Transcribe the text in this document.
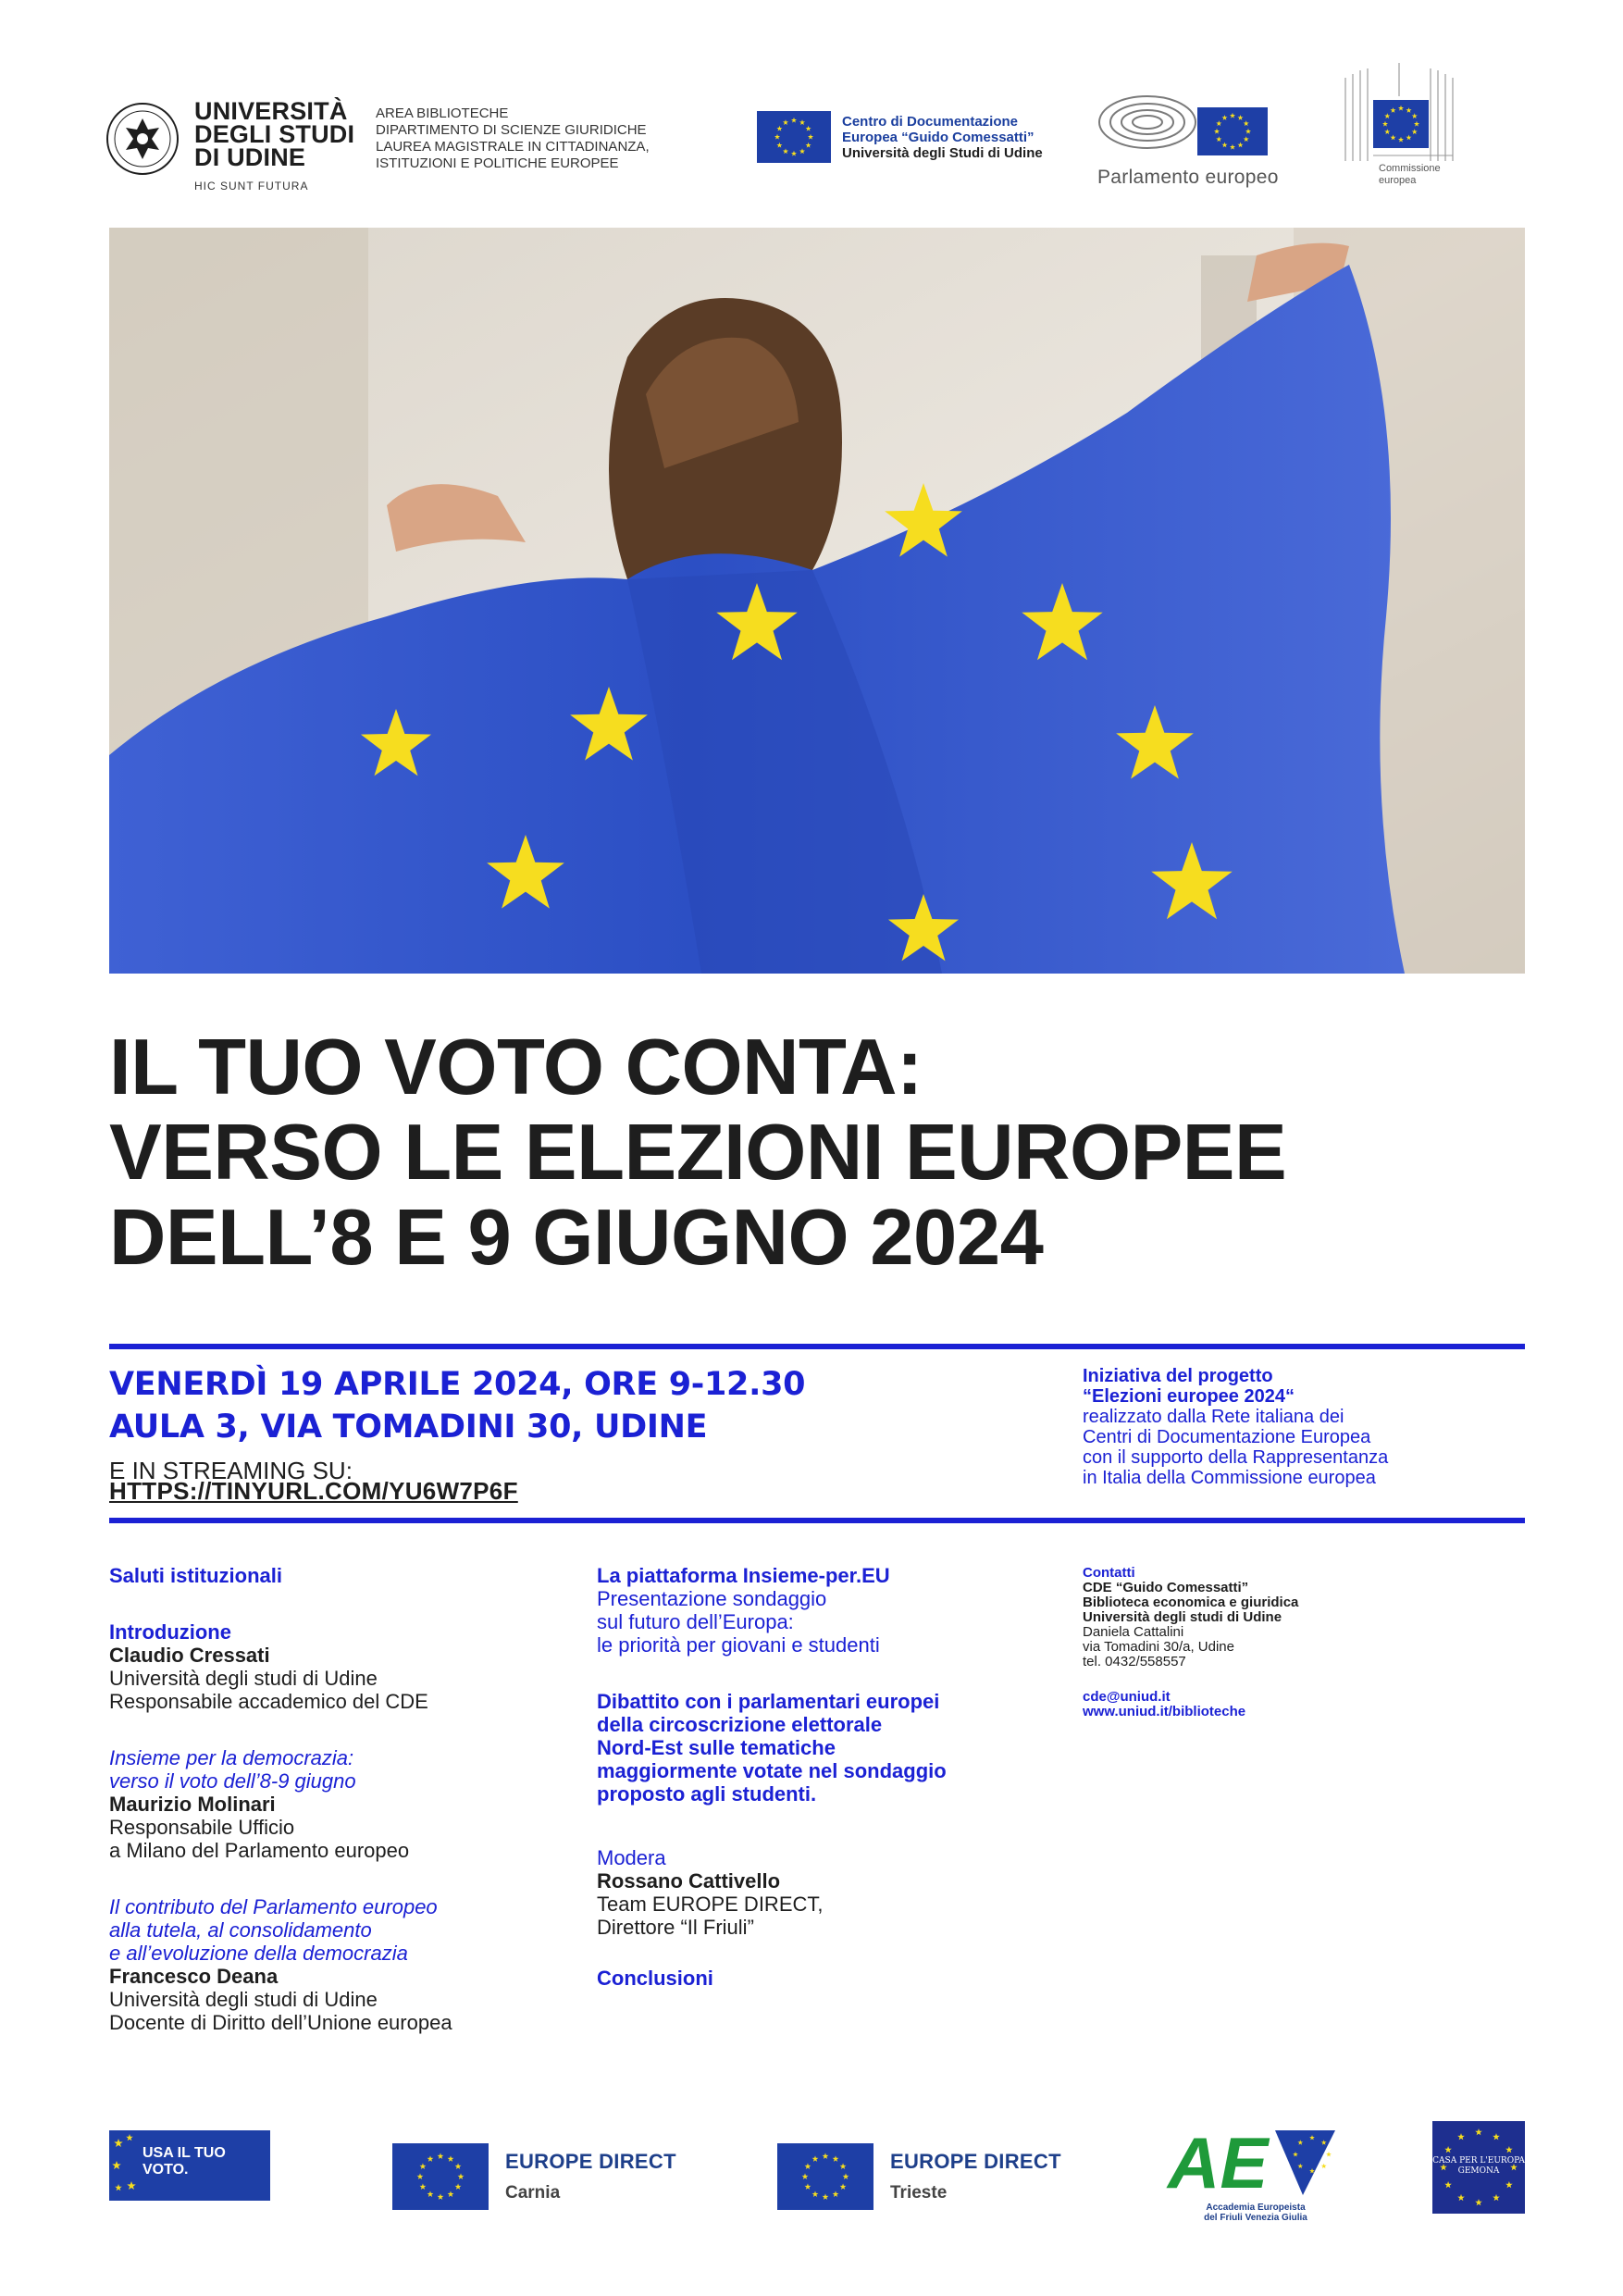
UNIVERSITÀ
DEGLI STUDI
DI UDINE
HIC SUNT FUTURA
AREA BIBLIOTECHE
DIPARTIMENTO DI SCIENZE GIURIDICHE
LAUREA MAGISTRALE IN CITTADINANZA,
ISTITUZIONI E POLITICHE EUROPEE
Centro di Documentazione
Europea “Guido Comessatti”
Università degli Studi di Udine
Parlamento europeo	Commissione
europea
IL TUO VOTO CONTA:
VERSO LE ELEZIONI EUROPEE
DELL’8 E 9 GIUGNO 2024
VENERDÌ 19 APRILE 2024, ORE 9-12.30
AULA 3, VIA TOMADINI 30, UDINE
E IN STREAMING SU:
HTTPS://TINYURL.COM/YU6W7P6F
Iniziativa del progetto
“Elezioni europee 2024“
realizzato dalla Rete italiana dei
Centri di Documentazione Europea
con il supporto della Rappresentanza
in Italia della Commissione europea
Saluti istituzionali
Introduzione
Claudio Cressati
Università degli studi di Udine
Responsabile accademico del CDE
Insieme per la democrazia:
verso il voto dell’8-9 giugno
Maurizio Molinari
Responsabile Ufficio
a Milano del Parlamento europeo
Il contributo del Parlamento europeo
alla tutela, al consolidamento
e all’evoluzione della democrazia
Francesco Deana
Università degli studi di Udine
Docente di Diritto dell’Unione europea
La piattaforma Insieme-per.EU
Presentazione sondaggio
sul futuro dell’Europa:
le priorità per giovani e studenti
Dibattito con i parlamentari europei
della circoscrizione elettorale
Nord-Est sulle tematiche
maggiormente votate nel sondaggio
proposto agli studenti.
Modera
Rossano Cattivello
Team EUROPE DIRECT,
Direttore “Il Friuli”
Conclusioni
Contatti
CDE “Guido Comessatti”
Biblioteca economica e giuridica
Università degli studi di Udine
Daniela Cattalini
via Tomadini 30/a, Udine
tel. 0432/558557
cde@uniud.it
www.uniud.it/biblioteche
USA IL TUO VOTO.	EUROPE DIRECT
Carnia
EUROPE DIRECT
Trieste	AE
Accademia Europeista
del Friuli Venezia Giulia
CASA PER L'EUROPA
GEMONA
